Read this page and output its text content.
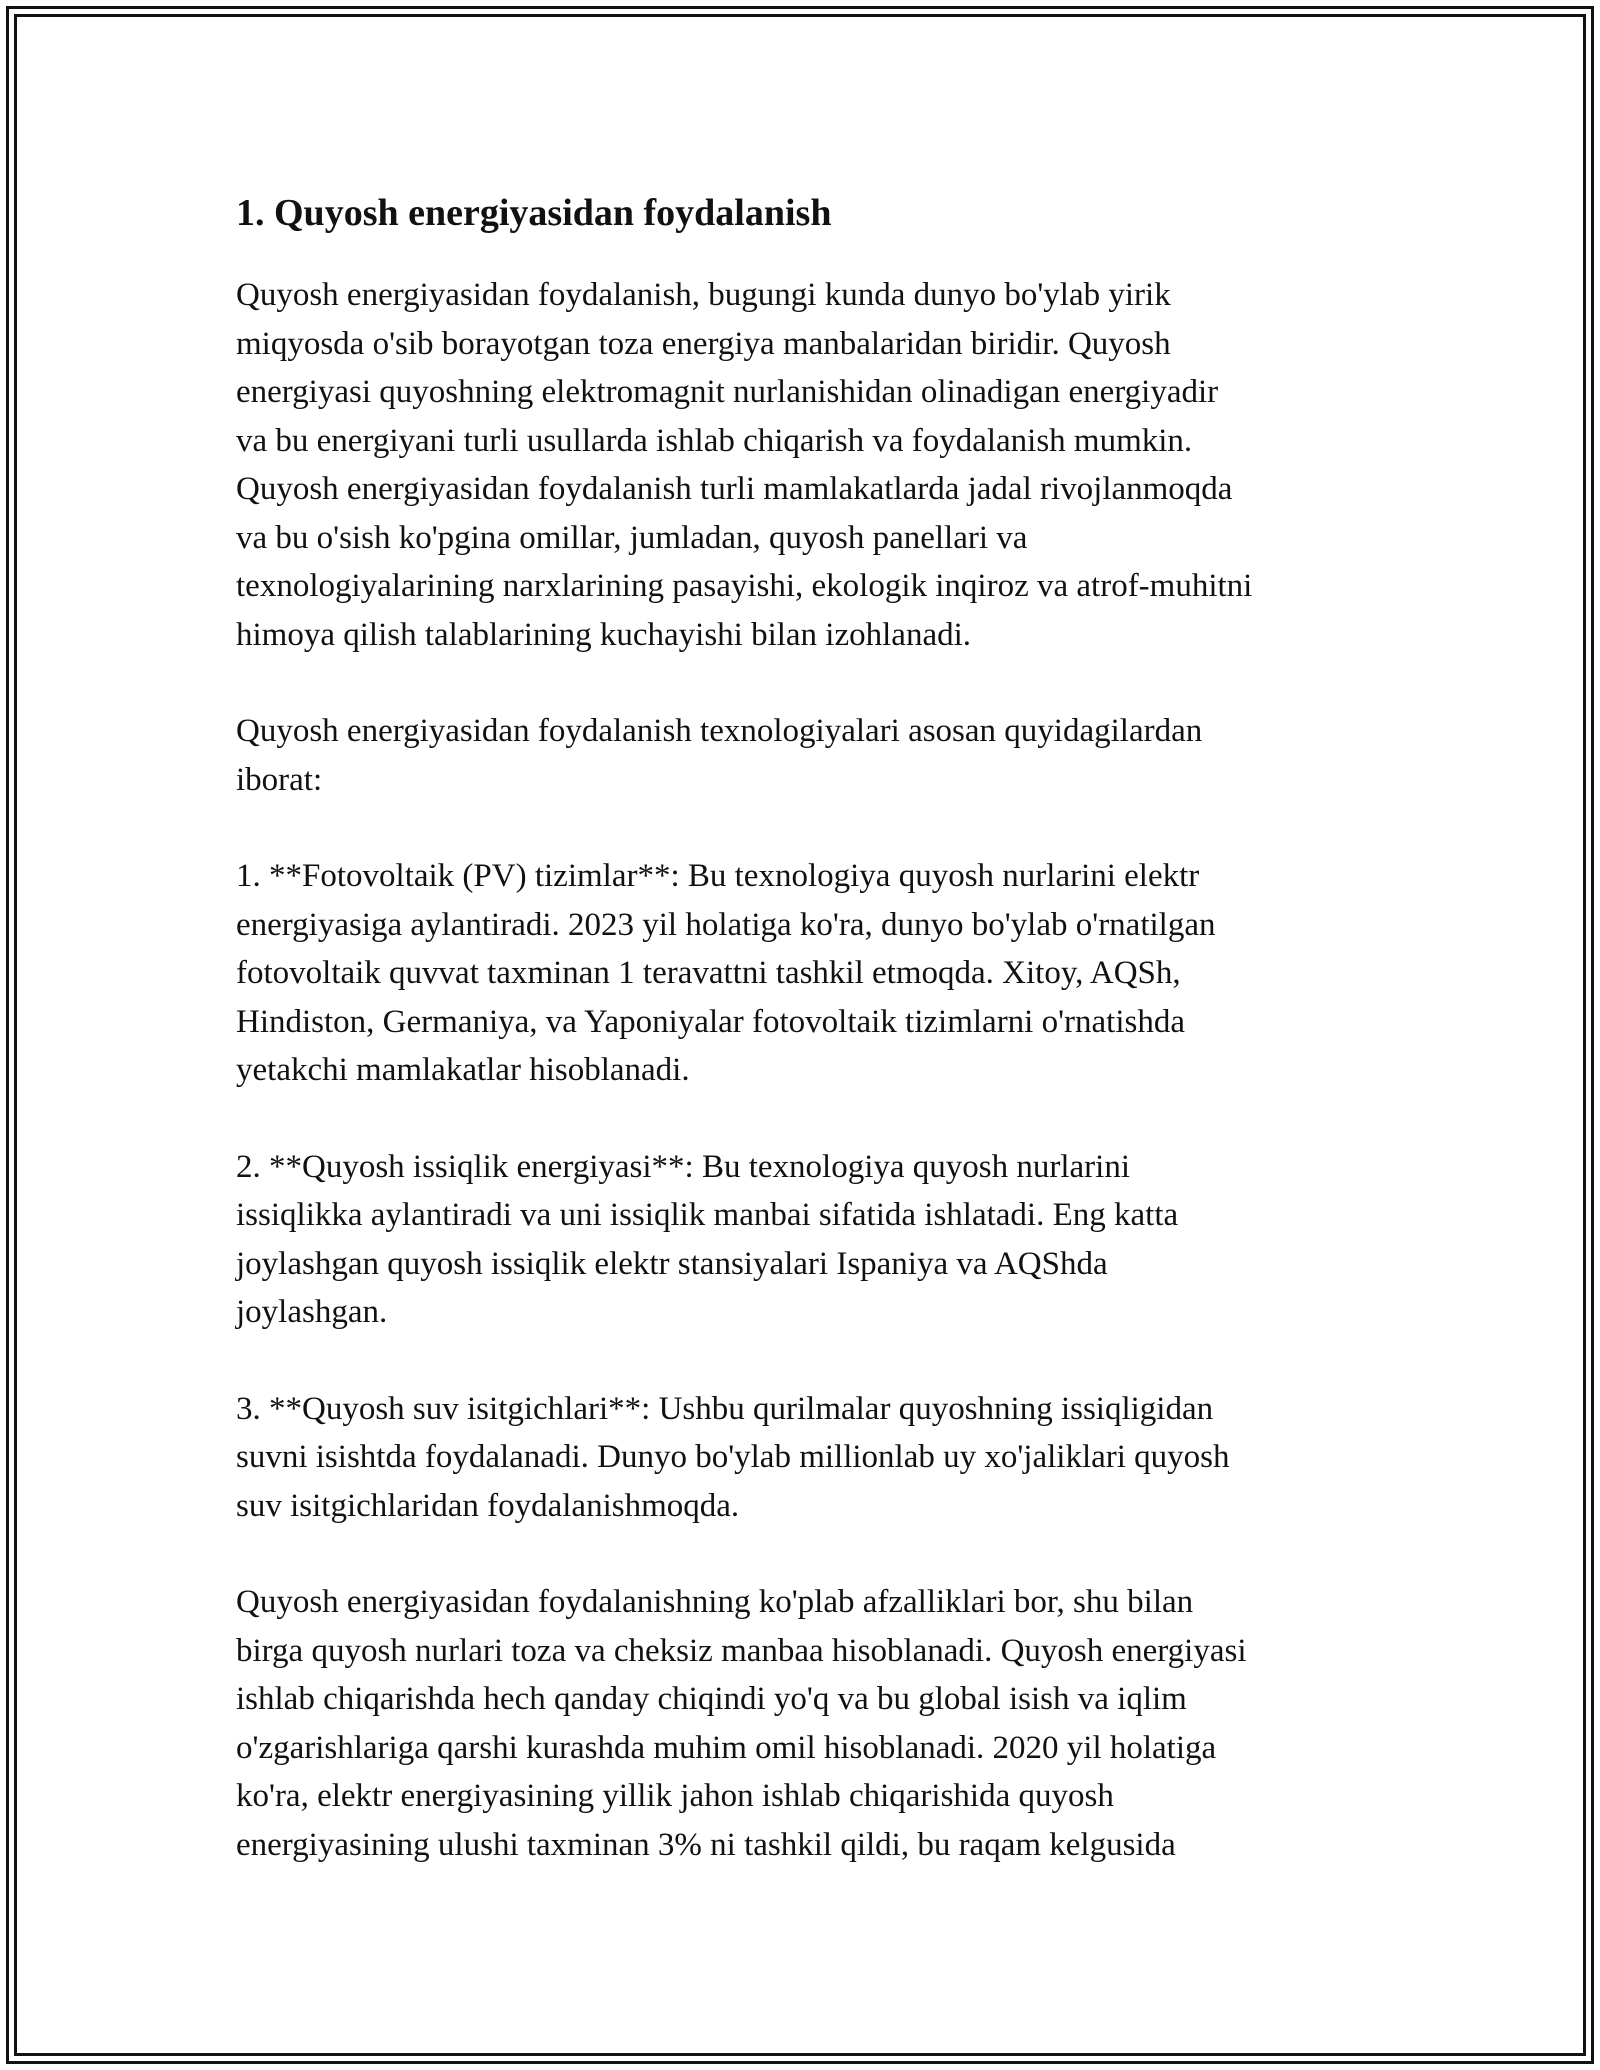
1. Quyosh energiyasidan foydalanish

Quyosh energiyasidan foydalanish, bugungi kunda dunyo bo'ylab yirik
miqyosda o'sib borayotgan toza energiya manbalaridan biridir. Quyosh
energiyasi quyoshning elektromagnit nurlanishidan olinadigan energiyadir
va bu energiyani turli usullarda ishlab chiqarish va foydalanish mumkin.
Quyosh energiyasidan foydalanish turli mamlakatlarda jadal rivojlanmoqda
va bu o'sish ko'pgina omillar, jumladan, quyosh panellari va
texnologiyalarining narxlarining pasayishi, ekologik inqiroz va atrof-muhitni
himoya qilish talablarining kuchayishi bilan izohlanadi.

Quyosh energiyasidan foydalanish texnologiyalari asosan quyidagilardan
iborat:

1. **Fotovoltaik (PV) tizimlar**: Bu texnologiya quyosh nurlarini elektr
energiyasiga aylantiradi. 2023 yil holatiga ko'ra, dunyo bo'ylab o'rnatilgan
fotovoltaik quvvat taxminan 1 teravattni tashkil etmoqda. Xitoy, AQSh,
Hindiston, Germaniya, va Yaponiyalar fotovoltaik tizimlarni o'rnatishda
yetakchi mamlakatlar hisoblanadi.

2. **Quyosh issiqlik energiyasi**: Bu texnologiya quyosh nurlarini
issiqlikka aylantiradi va uni issiqlik manbai sifatida ishlatadi. Eng katta
joylashgan quyosh issiqlik elektr stansiyalari Ispaniya va AQShda
joylashgan.

3. **Quyosh suv isitgichlari**: Ushbu qurilmalar quyoshning issiqligidan
suvni isishtda foydalanadi. Dunyo bo'ylab millionlab uy xo'jaliklari quyosh
suv isitgichlaridan foydalanishmoqda.

Quyosh energiyasidan foydalanishning ko'plab afzalliklari bor, shu bilan
birga quyosh nurlari toza va cheksiz manbaa hisoblanadi. Quyosh energiyasi
ishlab chiqarishda hech qanday chiqindi yo'q va bu global isish va iqlim
o'zgarishlariga qarshi kurashda muhim omil hisoblanadi. 2020 yil holatiga
ko'ra, elektr energiyasining yillik jahon ishlab chiqarishida quyosh
energiyasining ulushi taxminan 3% ni tashkil qildi, bu raqam kelgusida
